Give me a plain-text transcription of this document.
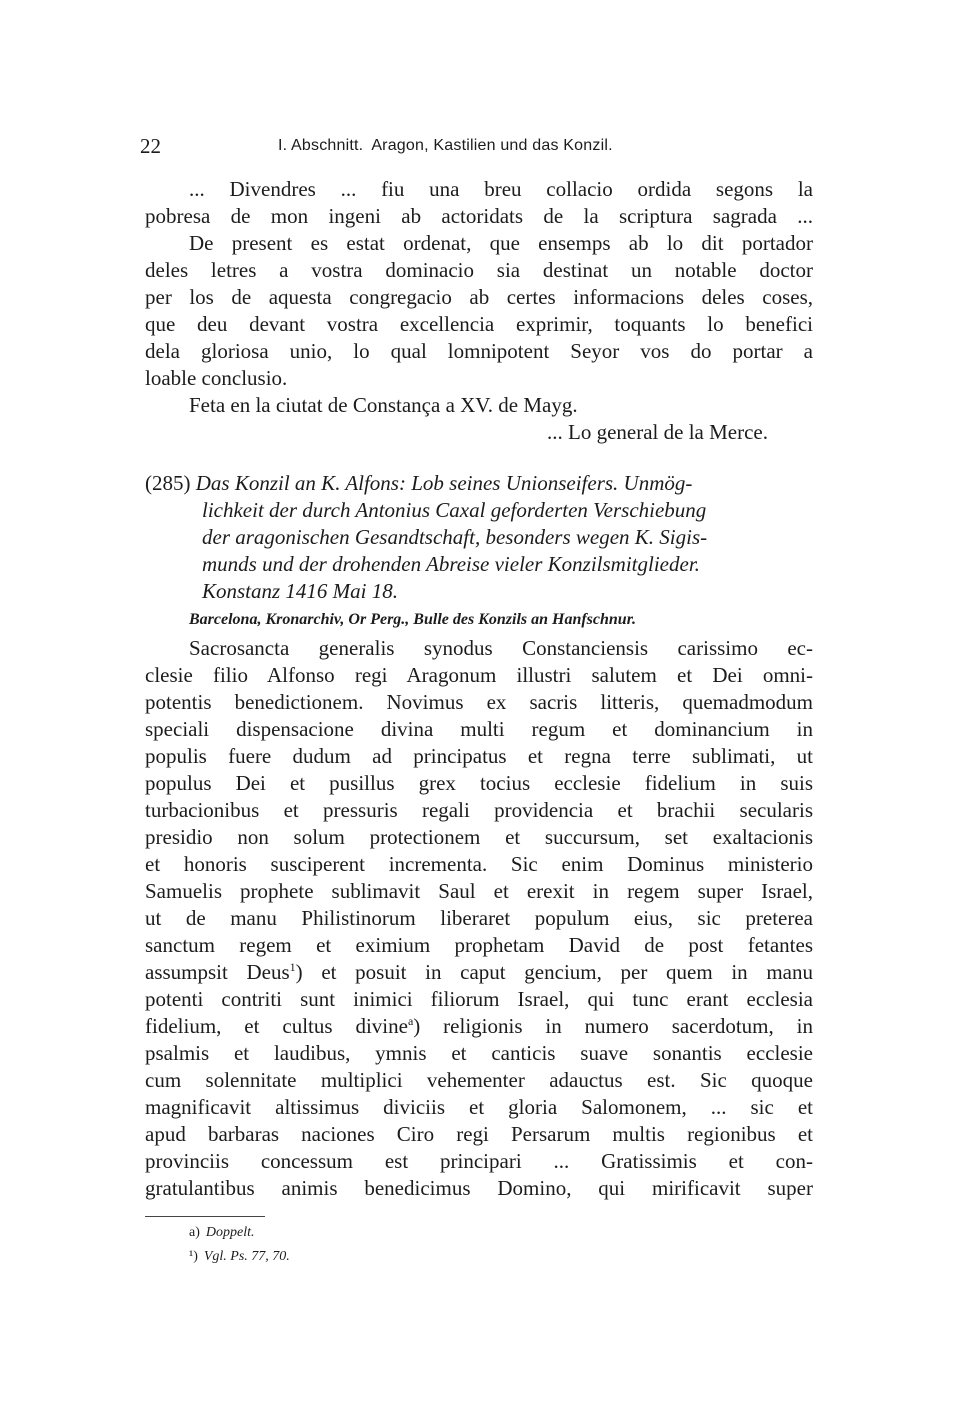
22	I. Abschnitt. Aragon, Kastilien und das Konzil.
... Divendres ... fiu una breu collacio ordida segons la
pobresa de mon ingeni ab actoridats de la scriptura sagrada ...
De present es estat ordenat, que ensemps ab lo dit portador
deles letres a vostra dominacio sia destinat un notable doctor
per los de aquesta congregacio ab certes informacions deles coses,
que deu devant vostra excellencia exprimir, toquants lo benefici
dela gloriosa unio, lo qual lomnipotent Seyor vos do portar a
loable conclusio.
Feta en la ciutat de Constança a XV. de Mayg.
... Lo general de la Merce.
(285) Das Konzil an K. Alfons: Lob seines Unionseifers. Unmög-
lichkeit der durch Antonius Caxal geforderten Verschiebung
der aragonischen Gesandtschaft, besonders wegen K. Sigis-
munds und der drohenden Abreise vieler Konzilsmitglieder.
Konstanz 1416 Mai 18.
Barcelona, Kronarchiv, Or Perg., Bulle des Konzils an Hanfschnur.
Sacrosancta generalis synodus Constanciensis carissimo ec-
clesie filio Alfonso regi Aragonum illustri salutem et Dei omni-
potentis benedictionem. Novimus ex sacris litteris, quemadmodum
speciali dispensacione divina multi regum et dominancium in
populis fuere dudum ad principatus et regna terre sublimati, ut
populus Dei et pusillus grex tocius ecclesie fidelium in suis
turbacionibus et pressuris regali providencia et brachii secularis
presidio non solum protectionem et succursum, set exaltacionis
et honoris susciperent incrementa. Sic enim Dominus ministerio
Samuelis prophete sublimavit Saul et erexit in regem super Israel,
ut de manu Philistinorum liberaret populum eius, sic preterea
sanctum regem et eximium prophetam David de post fetantes
assumpsit Deus$^1$) et posuit in caput gencium, per quem in manu
potenti contriti sunt inimici filiorum Israel, qui tunc erant ecclesia
fidelium, et cultus divine$^a$) religionis in numero sacerdotum, in
psalmis et laudibus, ymnis et canticis suave sonantis ecclesie
cum solennitate multiplici vehementer adauctus est. Sic quoque
magnificavit altissimus diviciis et gloria Salomonem, ... sic et
apud barbaras naciones Ciro regi Persarum multis regionibus et
provinciis concessum est principari ... Gratissimis et con-
gratulantibus animis benedicimus Domino, qui mirificavit super
a) Doppelt.
¹) Vgl. Ps. 77, 70.
